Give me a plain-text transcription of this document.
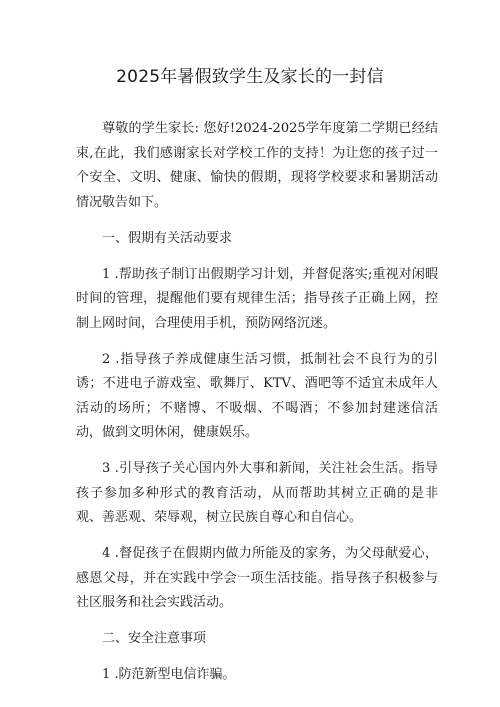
2025年暑假致学生及家长的一封信

尊敬的学生家长: 您好!2024-2025学年度第二学期已经结束,在此，我们感谢家长对学校工作的支持！为让您的孩子过一个安全、文明、健康、愉快的假期，现将学校要求和暑期活动情况敬告如下。

一、假期有关活动要求

1 .帮助孩子制订出假期学习计划，并督促落实;重视对闲暇时间的管理，提醒他们要有规律生活；指导孩子正确上网，控制上网时间，合理使用手机，预防网络沉迷。

2 .指导孩子养成健康生活习惯，抵制社会不良行为的引诱；不进电子游戏室、歌舞厅、KTV、酒吧等不适宜未成年人活动的场所；不赌博、不吸烟、不喝酒；不参加封建迷信活动，做到文明休闲，健康娱乐。

3 .引导孩子关心国内外大事和新闻，关注社会生活。指导孩子参加多种形式的教育活动，从而帮助其树立正确的是非观、善恶观、荣辱观，树立民族自尊心和自信心。

4 .督促孩子在假期内做力所能及的家务，为父母献爱心，感恩父母，并在实践中学会一项生活技能。指导孩子积极参与社区服务和社会实践活动。

二、安全注意事项

1 .防范新型电信诈骗。
